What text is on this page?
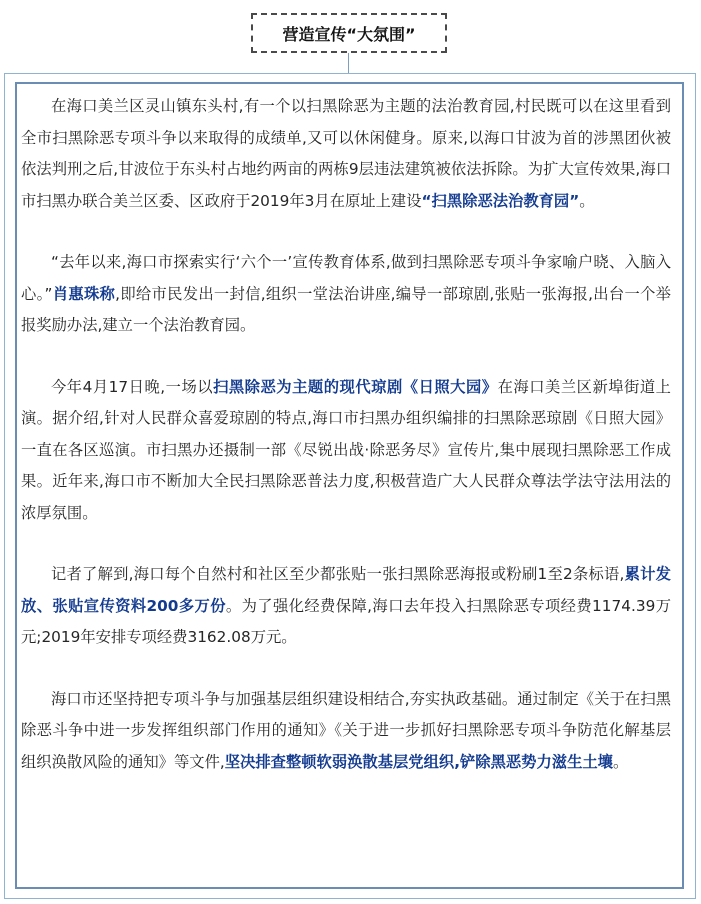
营造宣传“大氛围”

在海口美兰区灵山镇东头村,有一个以扫黑除恶为主题的法治教育园,村民既可以在这里看到全市扫黑除恶专项斗争以来取得的成绩单,又可以休闲健身。原来,以海口甘波为首的涉黑团伙被依法判刑之后,甘波位于东头村占地约两亩的两栋9层违法建筑被依法拆除。为扩大宣传效果,海口市扫黑办联合美兰区委、区政府于2019年3月在原址上建设“扫黑除恶法治教育园”。

“去年以来,海口市探索实行‘六个一’宣传教育体系,做到扫黑除恶专项斗争家喻户晓、入脑入心。”肖惠珠称,即给市民发出一封信,组织一堂法治讲座,编导一部琼剧,张贴一张海报,出台一个举报奖励办法,建立一个法治教育园。

今年4月17日晚,一场以扫黑除恶为主题的现代琼剧《日照大园》在海口美兰区新埠街道上演。据介绍,针对人民群众喜爱琼剧的特点,海口市扫黑办组织编排的扫黑除恶琼剧《日照大园》一直在各区巡演。市扫黑办还摄制一部《尽锐出战·除恶务尽》宣传片,集中展现扫黑除恶工作成果。近年来,海口市不断加大全民扫黑除恶普法力度,积极营造广大人民群众尊法学法守法用法的浓厚氛围。

记者了解到,海口每个自然村和社区至少都张贴一张扫黑除恶海报或粉刷1至2条标语,累计发放、张贴宣传资料200多万份。为了强化经费保障,海口去年投入扫黑除恶专项经费1174.39万元;2019年安排专项经费3162.08万元。

海口市还坚持把专项斗争与加强基层组织建设相结合,夯实执政基础。通过制定《关于在扫黑除恶斗争中进一步发挥组织部门作用的通知》《关于进一步抓好扫黑除恶专项斗争防范化解基层组织涣散风险的通知》等文件,坚决排查整顿软弱涣散基层党组织,铲除黑恶势力滋生土壤。
